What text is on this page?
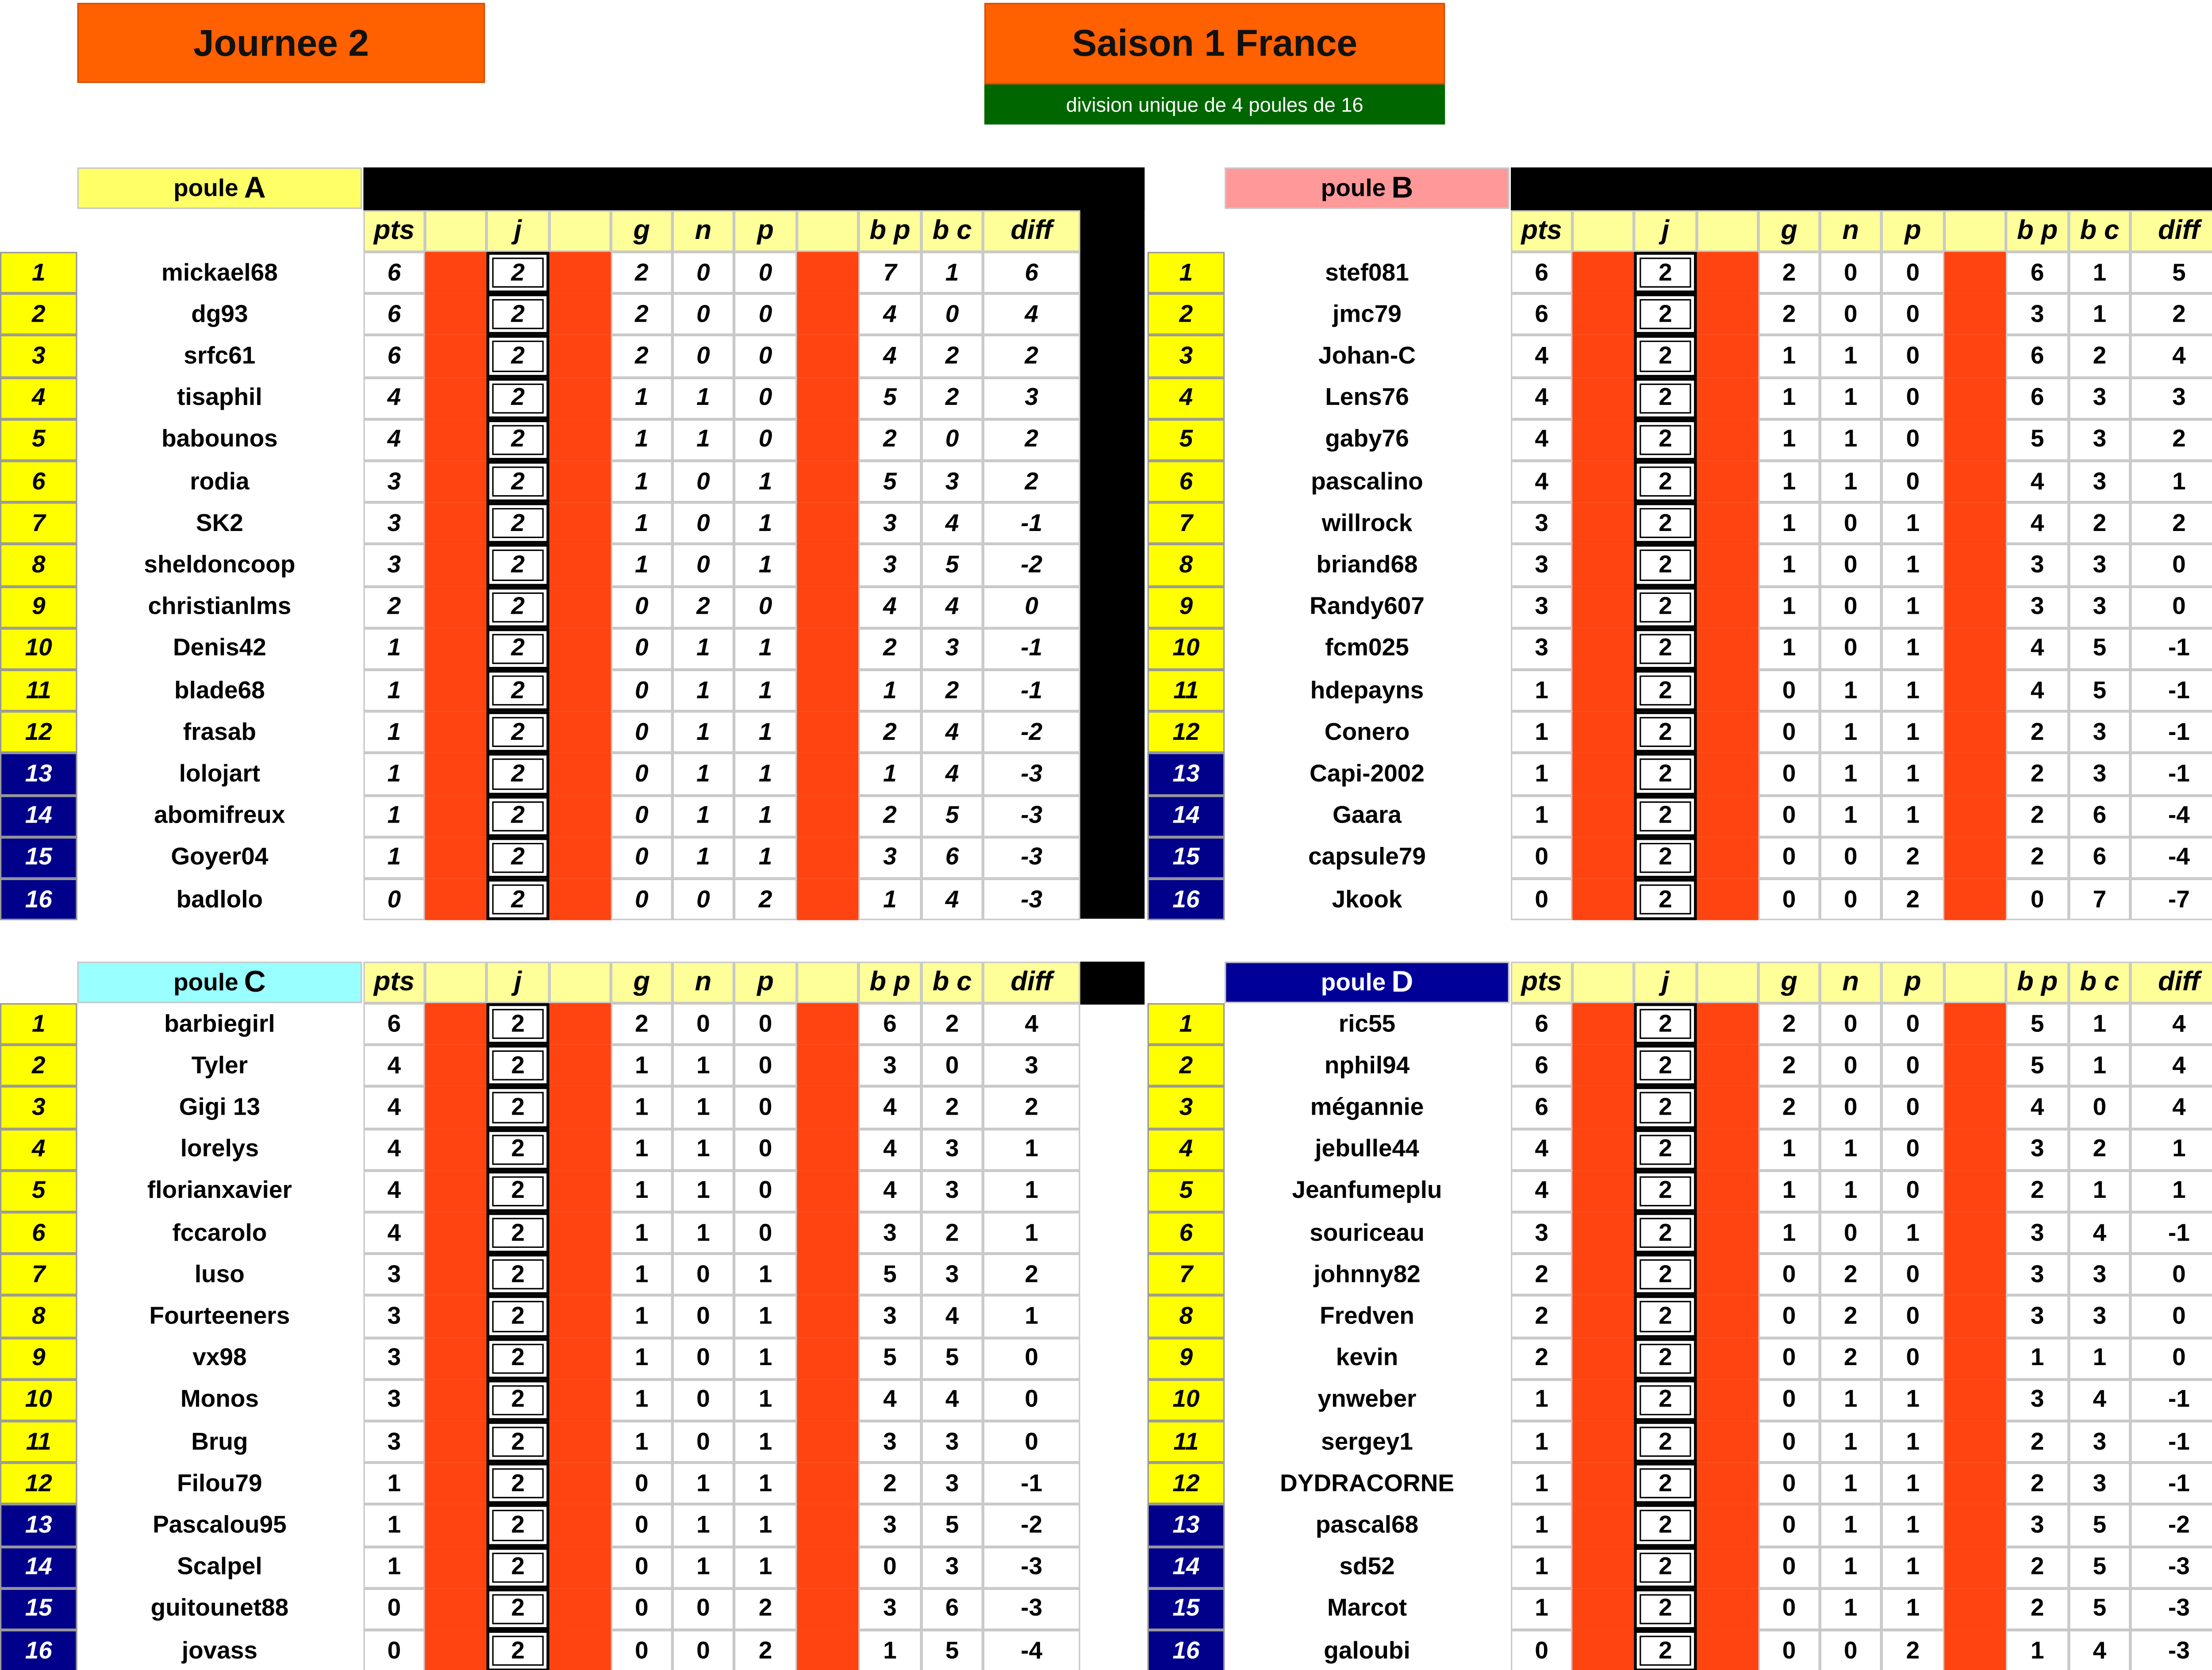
Journee 2	Saison 1 France
division unique de 4 poules de 16
poule A
pts	j	g	n	p	b p	b c	diff
1	mickael68	6	2	2	0	0	7	1	6
2	dg93	6	2	2	0	0	4	0	4
3	srfc61	6	2	2	0	0	4	2	2
4	tisaphil	4	2	1	1	0	5	2	3
5	babounos	4	2	1	1	0	2	0	2
6	rodia	3	2	1	0	1	5	3	2
7	SK2	3	2	1	0	1	3	4	-1
8	sheldoncoop	3	2	1	0	1	3	5	-2
9	christianlms	2	2	0	2	0	4	4	0
10	Denis42	1	2	0	1	1	2	3	-1
11	blade68	1	2	0	1	1	1	2	-1
12	frasab	1	2	0	1	1	2	4	-2
13	lolojart	1	2	0	1	1	1	4	-3
14	abomifreux	1	2	0	1	1	2	5	-3
15	Goyer04	1	2	0	1	1	3	6	-3
16	badlolo	0	2	0	0	2	1	4	-3
poule B
pts	j	g	n	p	b p	b c	diff
1	stef081	6	2	2	0	0	6	1	5
2	jmc79	6	2	2	0	0	3	1	2
3	Johan-C	4	2	1	1	0	6	2	4
4	Lens76	4	2	1	1	0	6	3	3
5	gaby76	4	2	1	1	0	5	3	2
6	pascalino	4	2	1	1	0	4	3	1
7	willrock	3	2	1	0	1	4	2	2
8	briand68	3	2	1	0	1	3	3	0
9	Randy607	3	2	1	0	1	3	3	0
10	fcm025	3	2	1	0	1	4	5	-1
11	hdepayns	1	2	0	1	1	4	5	-1
12	Conero	1	2	0	1	1	2	3	-1
13	Capi-2002	1	2	0	1	1	2	3	-1
14	Gaara	1	2	0	1	1	2	6	-4
15	capsule79	0	2	0	0	2	2	6	-4
16	Jkook	0	2	0	0	2	0	7	-7
poule C	pts	j	g	n	p	b p	b c	diff
1	barbiegirl	6	2	2	0	0	6	2	4
2	Tyler	4	2	1	1	0	3	0	3
3	Gigi 13	4	2	1	1	0	4	2	2
4	lorelys	4	2	1	1	0	4	3	1
5	florianxavier	4	2	1	1	0	4	3	1
6	fccarolo	4	2	1	1	0	3	2	1
7	luso	3	2	1	0	1	5	3	2
8	Fourteeners	3	2	1	0	1	3	4	1
9	vx98	3	2	1	0	1	5	5	0
10	Monos	3	2	1	0	1	4	4	0
11	Brug	3	2	1	0	1	3	3	0
12	Filou79	1	2	0	1	1	2	3	-1
13	Pascalou95	1	2	0	1	1	3	5	-2
14	Scalpel	1	2	0	1	1	0	3	-3
15	guitounet88	0	2	0	0	2	3	6	-3
16	jovass	0	2	0	0	2	1	5	-4
poule D	pts	j	g	n	p	b p	b c	diff
1	ric55	6	2	2	0	0	5	1	4
2	nphil94	6	2	2	0	0	5	1	4
3	mégannie	6	2	2	0	0	4	0	4
4	jebulle44	4	2	1	1	0	3	2	1
5	Jeanfumeplu	4	2	1	1	0	2	1	1
6	souriceau	3	2	1	0	1	3	4	-1
7	johnny82	2	2	0	2	0	3	3	0
8	Fredven	2	2	0	2	0	3	3	0
9	kevin	2	2	0	2	0	1	1	0
10	ynweber	1	2	0	1	1	3	4	-1
11	sergey1	1	2	0	1	1	2	3	-1
12	DYDRACORNE	1	2	0	1	1	2	3	-1
13	pascal68	1	2	0	1	1	3	5	-2
14	sd52	1	2	0	1	1	2	5	-3
15	Marcot	1	2	0	1	1	2	5	-3
16	galoubi	0	2	0	0	2	1	4	-3
